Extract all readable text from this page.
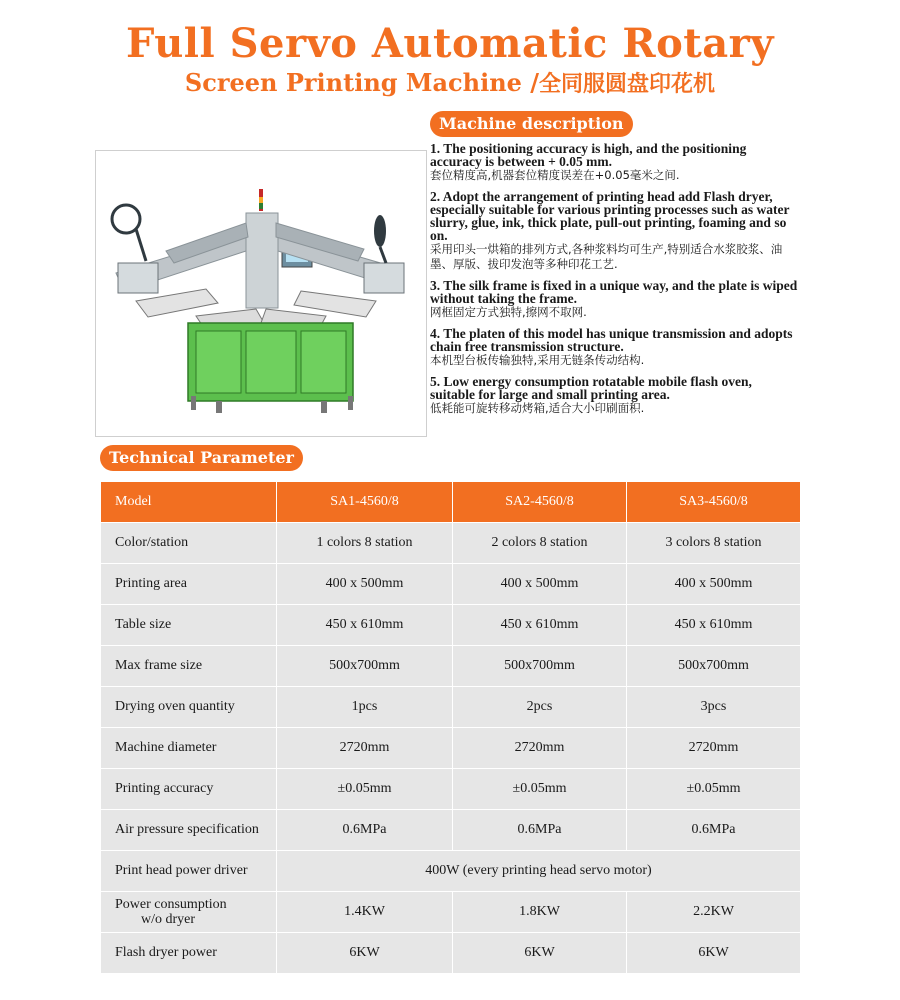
Full Servo Automatic Rotary
Screen Printing Machine /全同服圆盘印花机
Machine description
1. The positioning accuracy is high, and the positioning accuracy is between + 0.05 mm.
套位精度高,机器套位精度误差在+0.05毫米之间.
2. Adopt the arrangement of printing head add Flash dryer, especially suitable for various printing processes such as water slurry, glue, ink, thick plate, pull-out printing, foaming and so on.
采用印头一烘箱的排列方式,各种浆料均可生产,特别适合水浆胶浆、油墨、厚版、拔印发泡等多种印花工艺.
3. The silk frame is fixed in a unique way, and the plate is wiped without taking the frame.
网框固定方式独特,擦网不取网.
4. The platen of this model has unique transmission and adopts chain free transmission structure.
本机型台板传输独特,采用无链条传动结构.
5. Low energy consumption rotatable mobile flash oven, suitable for large and small printing area.
低耗能可旋转移动烤箱,适合大小印刷面积.
Technical Parameter
Model	SA1-4560/8	SA2-4560/8	SA3-4560/8
Color/station	1 colors 8 station	2 colors 8 station	3 colors 8 station
Printing area	400 x 500mm	400 x 500mm	400 x 500mm
Table size	450 x 610mm	450 x 610mm	450 x 610mm
Max frame size	500x700mm	500x700mm	500x700mm
Drying oven quantity	1pcs	2pcs	3pcs
Machine diameter	2720mm	2720mm	2720mm
Printing accuracy	±0.05mm	±0.05mm	±0.05mm
Air pressure specification	0.6MPa	0.6MPa	0.6MPa
Print head power driver	400W (every printing head servo motor)		

Power consumption
w/o dryer	1.4KW	1.8KW	2.2KW
Flash dryer power	6KW	6KW	6KW
